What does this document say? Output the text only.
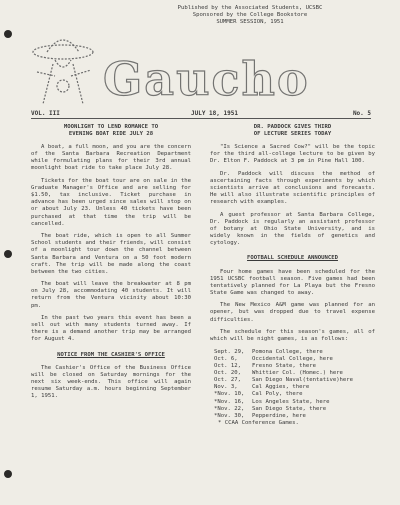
Published by the Associated Students, UCSBC
Sponsored by the College Bookstore
SUMMER SESSION, 1951
Gaucho
VOL. III	JULY 18, 1951	No. 5
MOONLIGHT TO LEND ROMANCE TO
EVENING BOAT RIDE JULY 28

A boat, a full moon, and you are the concern of the Santa Barbara Recreation Department while formulating plans for their 3rd annual moonlight boat ride to take place July 28.

Tickets for the boat tour are on sale in the Graduate Manager's Office and are selling for $1.50, tax inclusive. Ticket purchase in advance has been urged since sales will stop on or about July 23. Unless 40 tickets have been purchased at that time the trip will be cancelled.

The boat ride, which is open to all Summer School students and their friends, will consist of a moonlight tour down the channel between Santa Barbara and Ventura on a 50 foot modern craft. The trip will be made along the coast between the two cities.

The boat will leave the breakwater at 8 pm on July 28, accommodating 40 students. It will return from the Ventura vicinity about 10:30 pm.

In the past two years this event has been a sell out with many students turned away. If there is a demand another trip may be arranged for August 4.

NOTICE FROM THE CASHIER'S OFFICE

The Cashier's Office of the Business Office will be closed on Saturday mornings for the next six week-ends. This office will again resume Saturday a.m. hours beginning September 1, 1951.

DR. PADDOCK GIVES THIRD
OF LECTURE SERIES TODAY

"Is Science a Sacred Cow?" will be the topic for the third all-college lecture to be given by Dr. Elton F. Paddock at 3 pm in Pine Hall 100.

Dr. Paddock will discuss the method of ascertaining facts through experiments by which scientists arrive at conclusions and forecasts. He will also illustrate scientific principles of research with examples.

A guest professor at Santa Barbara College, Dr. Paddock is regularly an assistant professor of botany at Ohio State University, and is widely known in the fields of genetics and cytology.

FOOTBALL SCHEDULE ANNOUNCED

Four home games have been scheduled for the 1951 UCSBC football season. Five games had been tentatively planned for La Playa but the Fresno State Game was changed to away.

The New Mexico A&M game was planned for an opener, but was dropped due to travel expense difficulties.

The schedule for this season's games, all of which will be night games, is as follows:

Sept. 29, Pomona College, there
Oct. 6,	Occidental College, here
Oct. 12, Fresno State, there
Oct. 20, Whittier Col. (Homec.) here
Oct. 27, San Diego Naval(tentative)here
Nov. 3,	Cal Aggies, there
*Nov. 10, Cal Poly, there
*Nov. 16, Los Angeles State, here
*Nov. 22, San Diego State, there
*Nov. 30, Pepperdine, here
* CCAA Conference Games.
